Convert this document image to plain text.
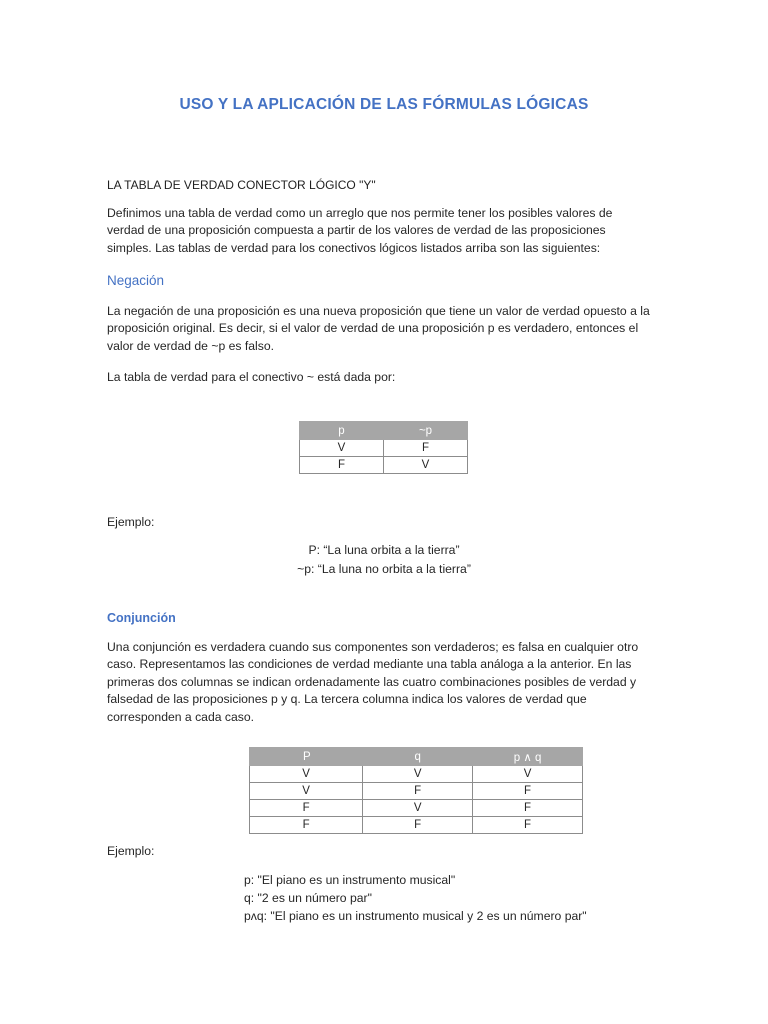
USO Y LA APLICACIÓN DE LAS FÓRMULAS LÓGICAS
LA TABLA DE VERDAD CONECTOR LÓGICO "Y"
Definimos una tabla de verdad como un arreglo que nos permite tener los posibles valores de
verdad de una proposición compuesta a partir de los valores de verdad de las proposiciones
simples. Las tablas de verdad para los conectivos lógicos listados arriba son las siguientes:
Negación
La negación de una proposición es una nueva proposición que tiene un valor de verdad opuesto a la
proposición original. Es decir, si el valor de verdad de una proposición p es verdadero, entonces el
valor de verdad de ~p es falso.
La tabla de verdad para el conectivo ~ está dada por:
p	~p
V	F
F	V
Ejemplo:
P: “La luna orbita a la tierra”
~p: “La luna no orbita a la tierra”
Conjunción
Una conjunción es verdadera cuando sus componentes son verdaderos; es falsa en cualquier otro
caso. Representamos las condiciones de verdad mediante una tabla análoga a la anterior. En las
primeras dos columnas se indican ordenadamente las cuatro combinaciones posibles de verdad y
falsedad de las proposiciones p y q. La tercera columna indica los valores de verdad que
corresponden a cada caso.
P	q	p ∧ q
V	V	V
V	F	F
F	V	F
F	F	F
Ejemplo:
p: "El piano es un instrumento musical"
q: "2 es un número par"
pᴧq: "El piano es un instrumento musical y 2 es un número par"
